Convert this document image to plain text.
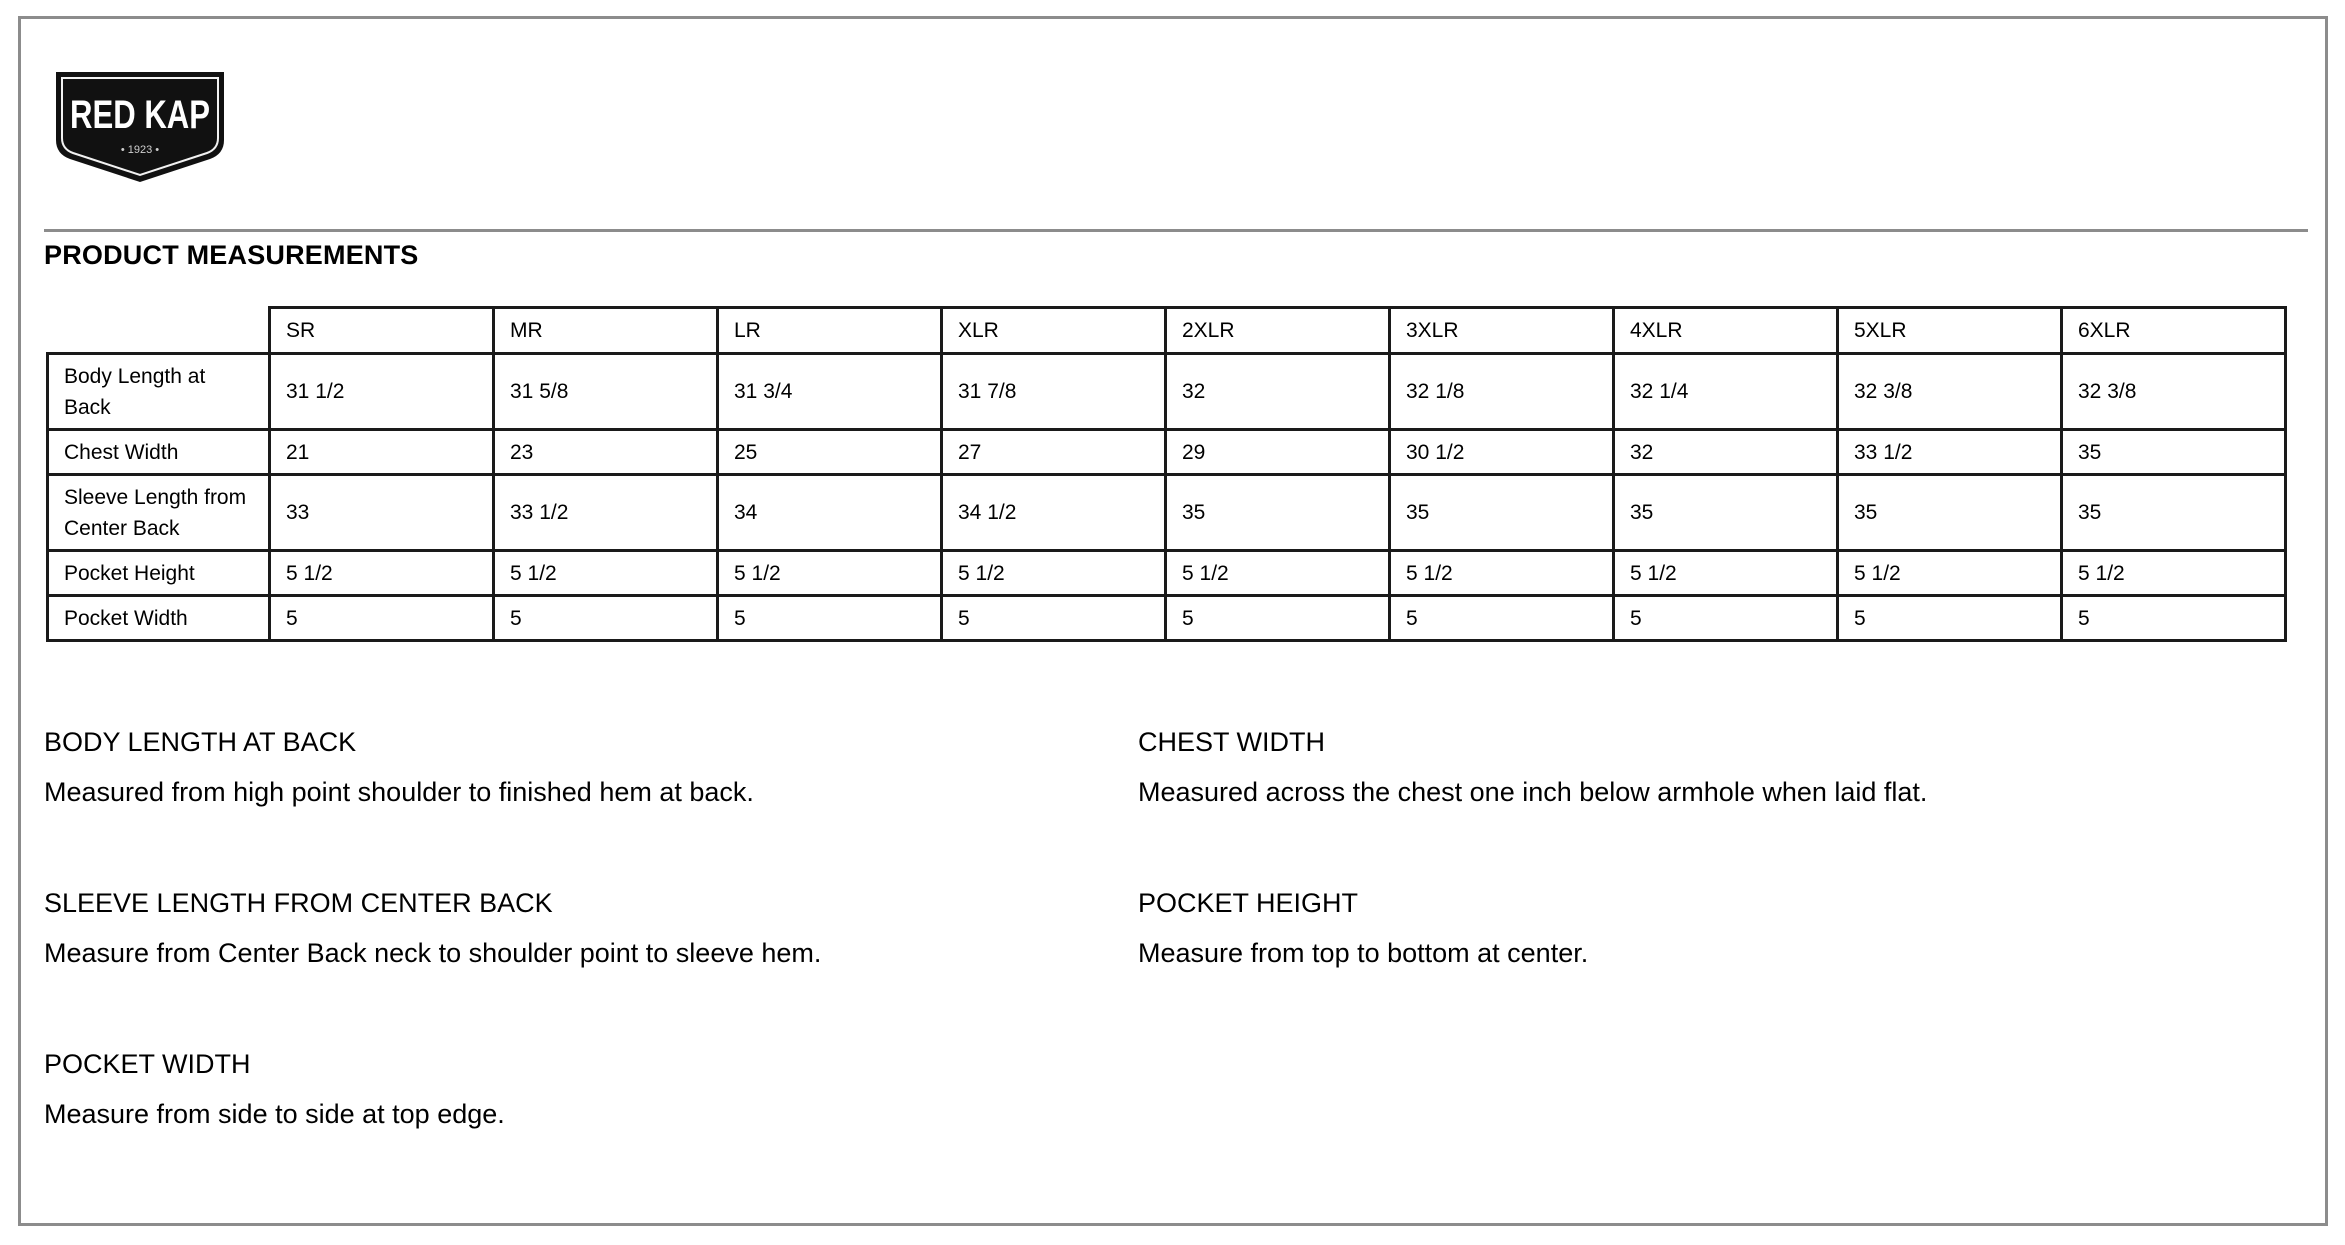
RED KAP
• 1923 •
PRODUCT MEASUREMENTS
	SR	MR	LR	XLR	2XLR	3XLR	4XLR	5XLR	6XLR
Body Length at Back	31 1/2	31 5/8	31 3/4	31 7/8	32	32 1/8	32 1/4	32 3/8	32 3/8
Chest Width	21	23	25	27	29	30 1/2	32	33 1/2	35
Sleeve Length from Center Back	33	33 1/2	34	34 1/2	35	35	35	35	35
Pocket Height	5 1/2	5 1/2	5 1/2	5 1/2	5 1/2	5 1/2	5 1/2	5 1/2	5 1/2
Pocket Width	5	5	5	5	5	5	5	5	5
BODY LENGTH AT BACK
Measured from high point shoulder to finished hem at back.
CHEST WIDTH
Measured across the chest one inch below armhole when laid flat.
SLEEVE LENGTH FROM CENTER BACK
Measure from Center Back neck to shoulder point to sleeve hem.
POCKET HEIGHT
Measure from top to bottom at center.
POCKET WIDTH
Measure from side to side at top edge.
